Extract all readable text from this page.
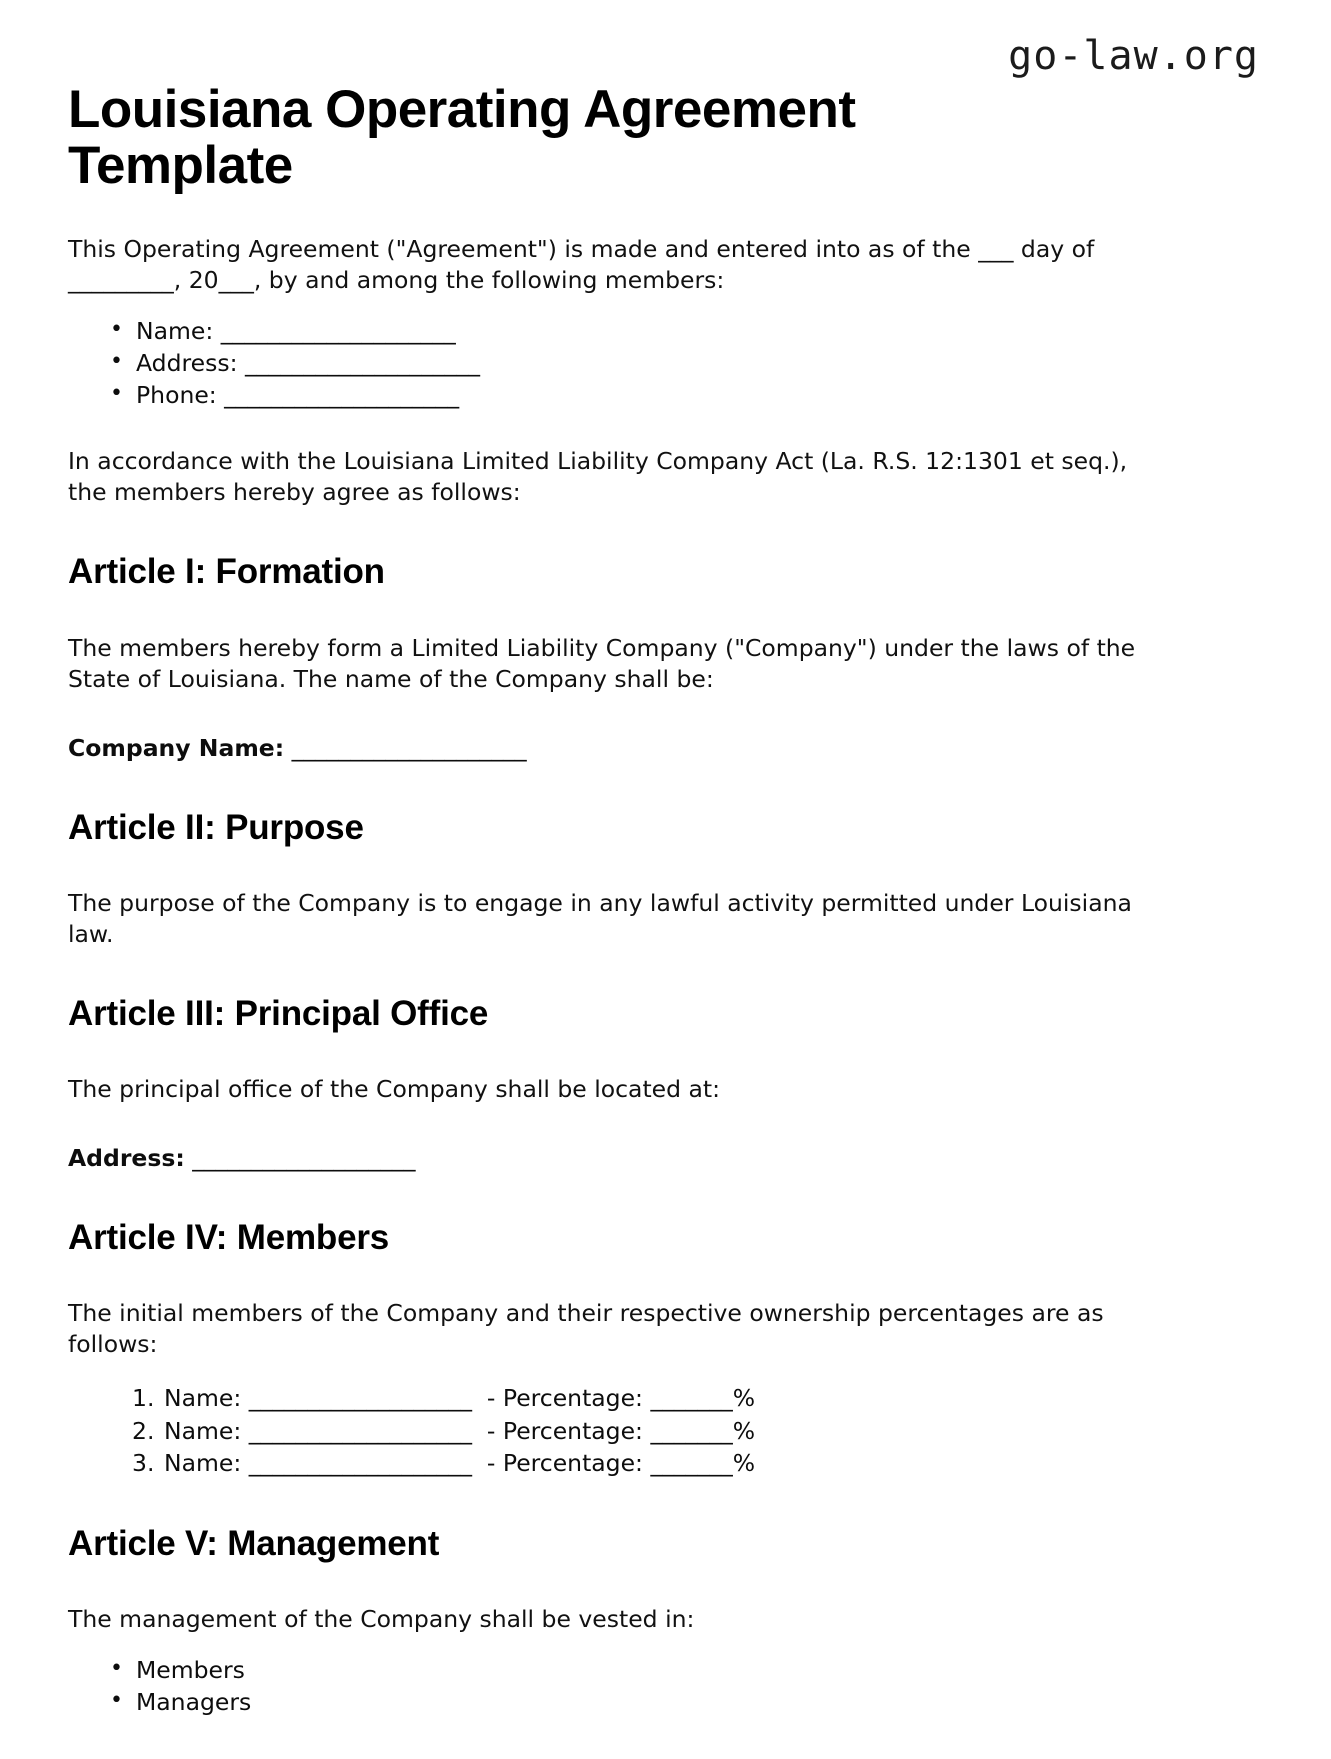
go-law.org
Louisiana Operating Agreement Template

This Operating Agreement ("Agreement") is made and entered into as of the ___ day of _________, 20___, by and among the following members:

• Name: ____________________
• Address: ____________________
• Phone: ____________________

In accordance with the Louisiana Limited Liability Company Act (La. R.S. 12:1301 et seq.), the members hereby agree as follows:

Article I: Formation

The members hereby form a Limited Liability Company ("Company") under the laws of the State of Louisiana. The name of the Company shall be:

Company Name: ____________________

Article II: Purpose

The purpose of the Company is to engage in any lawful activity permitted under Louisiana law.

Article III: Principal Office

The principal office of the Company shall be located at:

Address: ___________________

Article IV: Members

The initial members of the Company and their respective ownership percentages are as follows:

Name: ___________________  - Percentage: _______%
Name: ___________________  - Percentage: _______%
Name: ___________________  - Percentage: _______%
Article V: Management

The management of the Company shall be vested in:

• Members
• Managers
